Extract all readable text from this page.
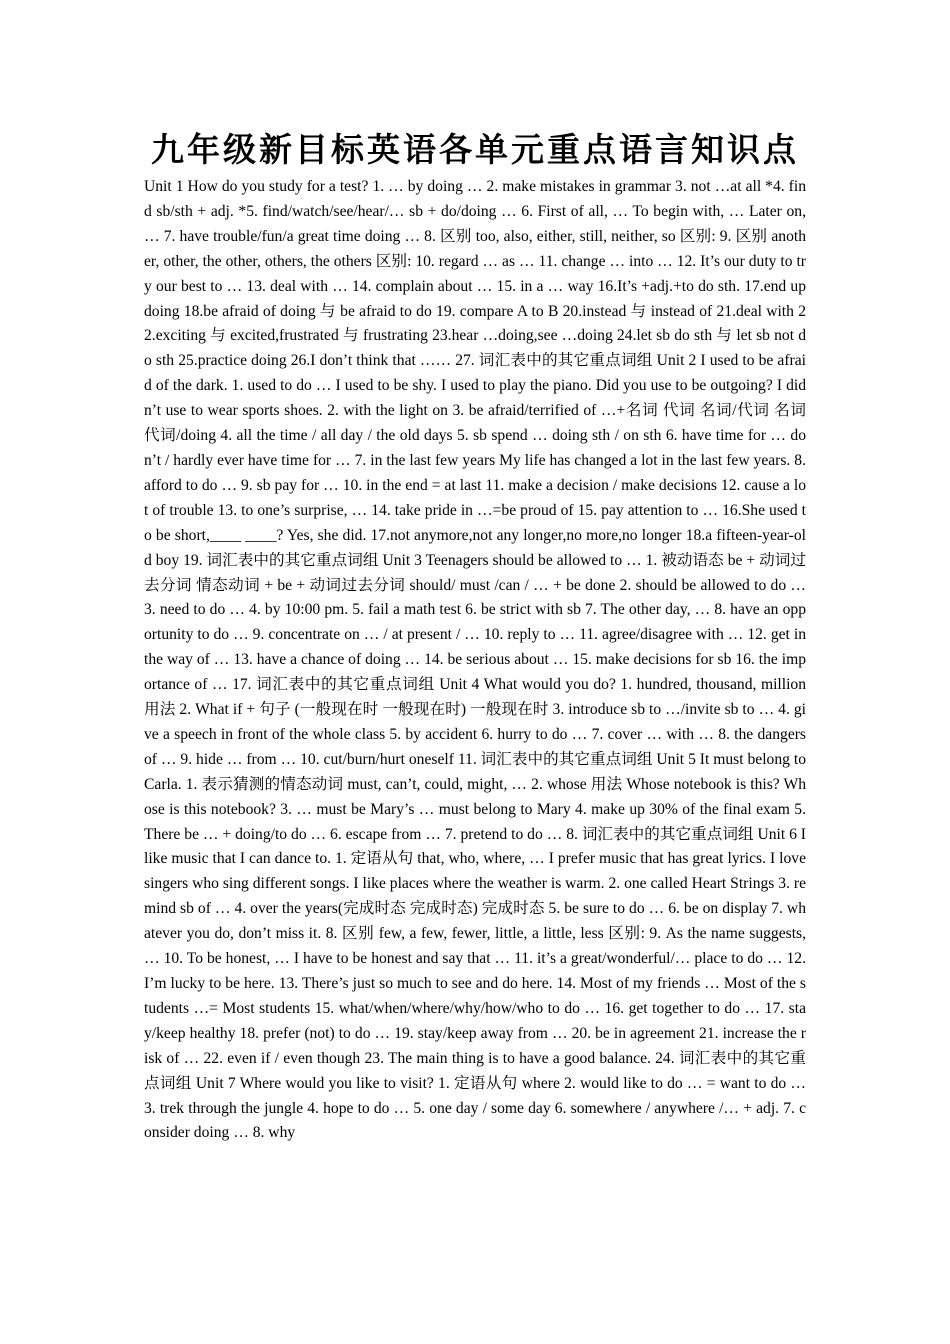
九年级新目标英语各单元重点语言知识点

Unit 1 How do you study for a test? 1. … by doing … 2. make mistakes in grammar 3. not …at all *4. find sb/sth + adj. *5. find/watch/see/hear/… sb + do/doing … 6. First of all, … To begin with, … Later on, … 7. have trouble/fun/a great time doing … 8. 区别 too, also, either, still, neither, so 区别: 9. 区别 another, other, the other, others, the others 区别: 10. regard … as … 11. change … into … 12. It’s our duty to try our best to … 13. deal with … 14. complain about … 15. in a … way 16.It’s +adj.+to do sth. 17.end up doing 18.be afraid of doing 与 be afraid to do 19. compare A to B 20.instead 与 instead of 21.deal with 22.exciting 与 excited,frustrated 与 frustrating 23.hear …doing,see …doing 24.let sb do sth 与 let sb not do sth 25.practice doing 26.I don’t think that …… 27. 词汇表中的其它重点词组 Unit 2 I used to be afraid of the dark. 1. used to do … I used to be shy. I used to play the piano. Did you use to be outgoing? I didn’t use to wear sports shoes. 2. with the light on 3. be afraid/terrified of …+名词 代词 名词/代词 名词 代词/doing 4. all the time / all day / the old days 5. sb spend … doing sth / on sth 6. have time for … don’t / hardly ever have time for … 7. in the last few years My life has changed a lot in the last few years. 8. afford to do … 9. sb pay for … 10. in the end = at last 11. make a decision / make decisions 12. cause a lot of trouble 13. to one’s surprise, … 14. take pride in …=be proud of 15. pay attention to … 16.She used to be short,____ ____? Yes, she did. 17.not anymore,not any longer,no more,no longer 18.a fifteen-year-old boy 19. 词汇表中的其它重点词组 Unit 3 Teenagers should be allowed to … 1. 被动语态 be + 动词过去分词 情态动词 + be + 动词过去分词 should/ must /can / … + be done 2. should be allowed to do … 3. need to do … 4. by 10:00 pm. 5. fail a math test 6. be strict with sb 7. The other day, … 8. have an opportunity to do … 9. concentrate on … / at present / … 10. reply to … 11. agree/disagree with … 12. get in the way of … 13. have a chance of doing … 14. be serious about … 15. make decisions for sb 16. the importance of … 17. 词汇表中的其它重点词组 Unit 4 What would you do? 1. hundred, thousand, million 用法 2. What if + 句子 (一般现在时 一般现在时) 一般现在时 3. introduce sb to …/invite sb to … 4. give a speech in front of the whole class 5. by accident 6. hurry to do … 7. cover … with … 8. the dangers of … 9. hide … from … 10. cut/burn/hurt oneself 11. 词汇表中的其它重点词组 Unit 5 It must belong to Carla. 1. 表示猜测的情态动词 must, can’t, could, might, … 2. whose 用法 Whose notebook is this? Whose is this notebook? 3. … must be Mary’s … must belong to Mary 4. make up 30% of the final exam 5. There be … + doing/to do … 6. escape from … 7. pretend to do … 8. 词汇表中的其它重点词组 Unit 6 I like music that I can dance to. 1. 定语从句 that, who, where, … I prefer music that has great lyrics. I love singers who sing different songs. I like places where the weather is warm. 2. one called Heart Strings 3. remind sb of … 4. over the years(完成时态 完成时态) 完成时态 5. be sure to do … 6. be on display 7. whatever you do, don’t miss it. 8. 区别 few, a few, fewer, little, a little, less 区别: 9. As the name suggests, … 10. To be honest, … I have to be honest and say that … 11. it’s a great/wonderful/… place to do … 12. I’m lucky to be here. 13. There’s just so much to see and do here. 14. Most of my friends … Most of the students …= Most students 15. what/when/where/why/how/who to do … 16. get together to do … 17. stay/keep healthy 18. prefer (not) to do … 19. stay/keep away from … 20. be in agreement 21. increase the risk of … 22. even if / even though 23. The main thing is to have a good balance. 24. 词汇表中的其它重点词组 Unit 7 Where would you like to visit? 1. 定语从句 where 2. would like to do … = want to do … 3. trek through the jungle 4. hope to do … 5. one day / some day 6. somewhere / anywhere /… + adj. 7. consider doing … 8. why
